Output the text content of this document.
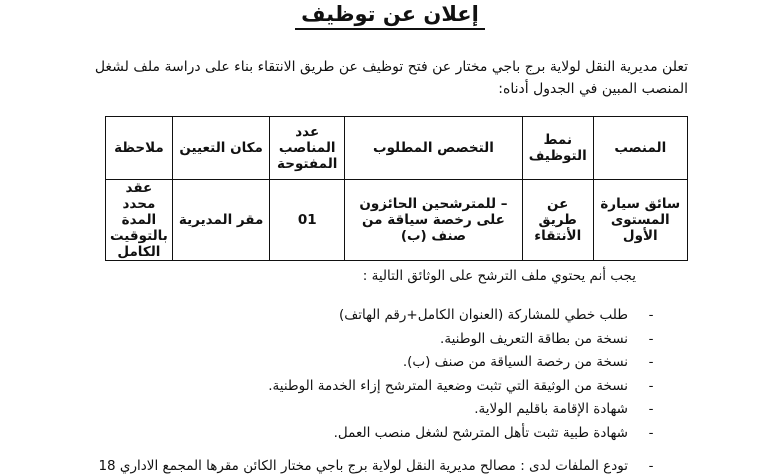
إعلان عن توظيف
تعلن مديرية النقل لولاية برج باجي مختار عن فتح توظيف عن طريق الانتقاء بناء على دراسة ملف لشغل المنصب المبين في الجدول أدناه:
المنصب	نمط التوظيف	التخصص المطلوب	عدد المناصب المفتوحة	مكان التعيين	ملاحظة
سائق سيارة المستوى الأول	عن طريق الأنتقاء	– للمترشحين الحائزون على رخصة سياقة من صنف (ب)	01	مقر المديرية	عقد محدد المدة بالتوقيت الكامل
يجب أنم يحتوي ملف الترشح على الوثائق التالية :
- طلب خطي للمشاركة (العنوان الكامل+رقم الهاتف)
- نسخة من بطاقة التعريف الوطنية.
- نسخة من رخصة السياقة من صنف (ب).
- نسخة من الوثيقة التي تثبت وضعية المترشح إزاء الخدمة الوطنية.
- شهادة الإقامة باقليم الولاية.
- شهادة طبية تثبت تأهل المترشح لشغل منصب العمل.
- تودع الملفات لدى : مصالح مديرية النقل لولاية برج باجي مختار الكائن مقرها المجمع الاداري 18
